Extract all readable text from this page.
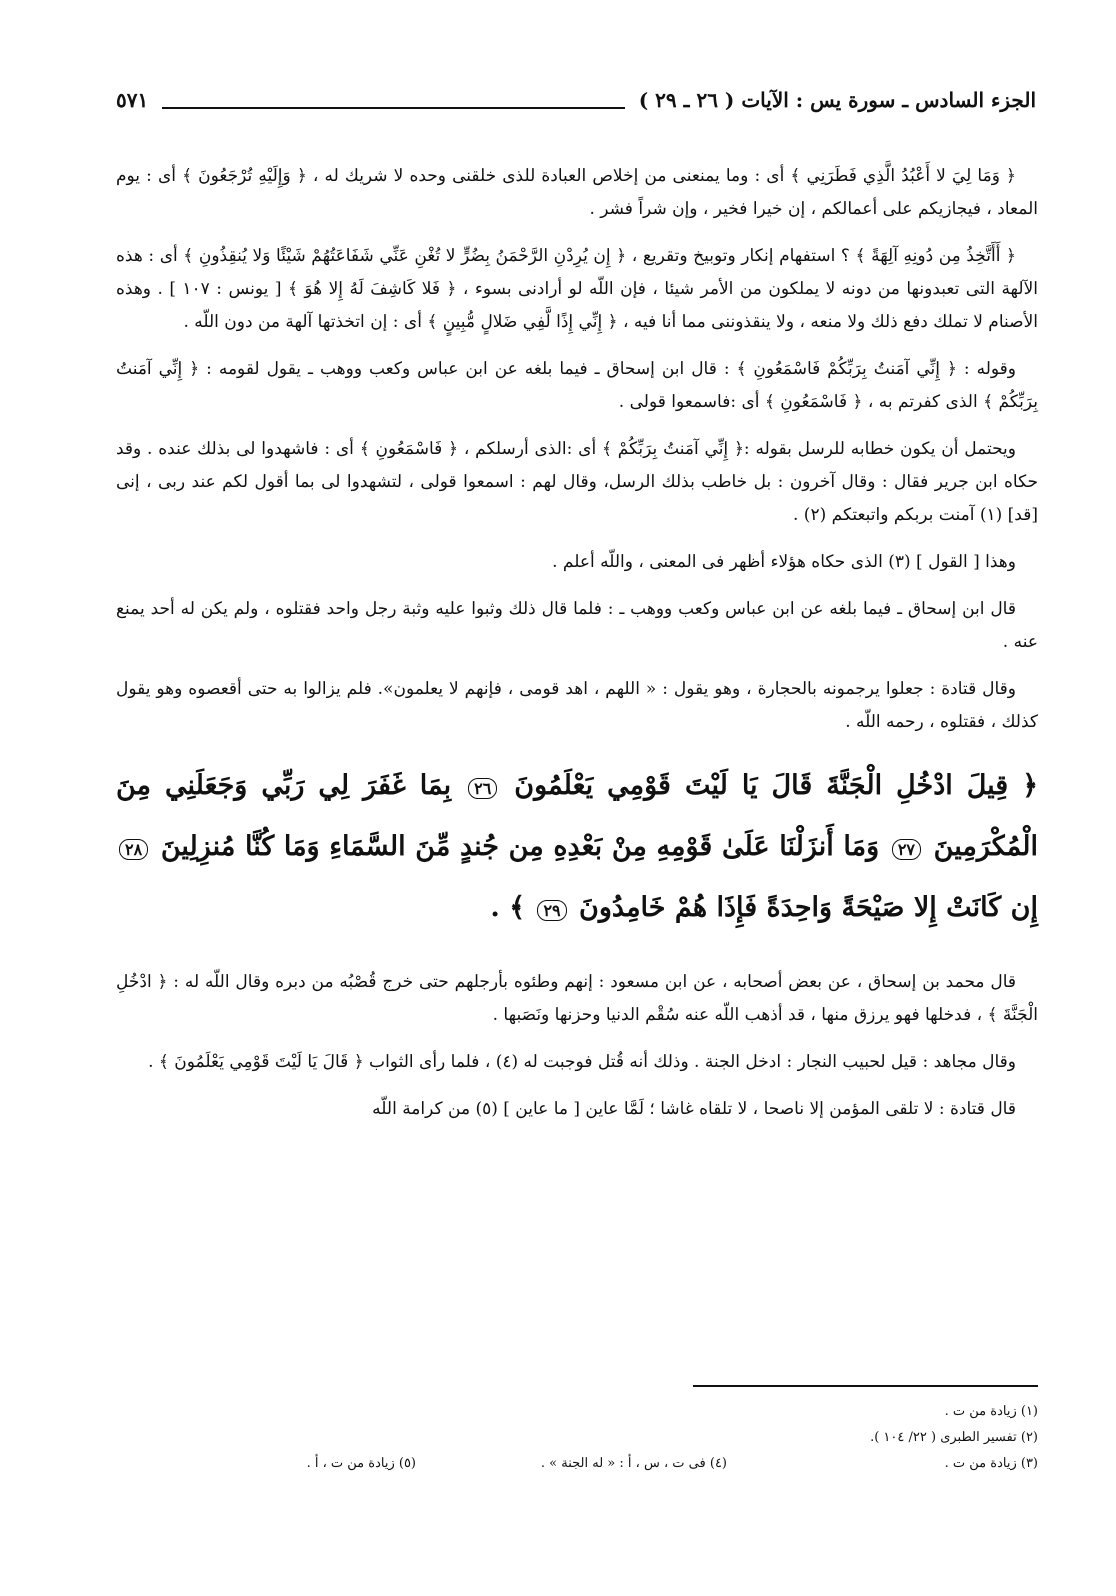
الجزء السادس ـ سورة يس : الآيات ( ٢٦ ـ ٢٩ )
٥٧١

﴿ وَمَا لِيَ لا أَعْبُدُ الَّذِي فَطَرَنِي ﴾ أى : وما يمنعنى من إخلاص العبادة للذى خلقنى وحده لا شريك له ، ﴿ وَإِلَيْهِ تُرْجَعُونَ ﴾ أى : يوم المعاد ، فيجازيكم على أعمالكم ، إن خيرا فخير ، وإن شراً فشر .

﴿ أَأَتَّخِذُ مِن دُونِهِ آلِهَةً ﴾ ؟ استفهام إنكار وتوبيخ وتقريع ، ﴿ إِن يُرِدْنِ الرَّحْمَنُ بِضُرٍّ لا تُغْنِ عَنِّي شَفَاعَتُهُمْ شَيْئًا وَلا يُنقِذُونِ ﴾ أى : هذه الآلهة التى تعبدونها من دونه لا يملكون من الأمر شيئا ، فإن اللّه لو أرادنى بسوء ، ﴿ فَلا كَاشِفَ لَهُ إِلا هُوَ ﴾ [ يونس : ١٠٧ ] . وهذه الأصنام لا تملك دفع ذلك ولا منعه ، ولا ينقذوننى مما أنا فيه ، ﴿ إِنِّي إِذًا لَّفِي ضَلالٍ مُّبِينٍ ﴾ أى : إن اتخذتها آلهة من دون اللّه .

وقوله : ﴿ إِنِّي آمَنتُ بِرَبِّكُمْ فَاسْمَعُونِ ﴾ : قال ابن إسحاق ـ فيما بلغه عن ابن عباس وكعب ووهب ـ يقول لقومه : ﴿ إِنِّي آمَنتُ بِرَبِّكُمْ ﴾ الذى كفرتم به ، ﴿ فَاسْمَعُونِ ﴾ أى :فاسمعوا قولى .

ويحتمل أن يكون خطابه للرسل بقوله :﴿ إِنِّي آمَنتُ بِرَبِّكُمْ ﴾ أى :الذى أرسلكم ، ﴿ فَاسْمَعُونِ ﴾ أى : فاشهدوا لى بذلك عنده . وقد حكاه ابن جرير فقال : وقال آخرون : بل خاطب بذلك الرسل، وقال لهم : اسمعوا قولى ، لتشهدوا لى بما أقول لكم عند ربى ، إنى [قد] (١) آمنت بربكم واتبعتكم (٢) .

وهذا [ القول ] (٣) الذى حكاه هؤلاء أظهر فى المعنى ، واللّه أعلم .

قال ابن إسحاق ـ فيما بلغه عن ابن عباس وكعب ووهب ـ : فلما قال ذلك وثبوا عليه وثبة رجل واحد فقتلوه ، ولم يكن له أحد يمنع عنه .

وقال قتادة : جعلوا يرجمونه بالحجارة ، وهو يقول : « اللهم ، اهد قومى ، فإنهم لا يعلمون». فلم يزالوا به حتى أقعصوه وهو يقول كذلك ، فقتلوه ، رحمه اللّه .

﴿ قِيلَ ادْخُلِ الْجَنَّةَ قَالَ يَا لَيْتَ قَوْمِي يَعْلَمُونَ ٢٦ بِمَا غَفَرَ لِي رَبِّي وَجَعَلَنِي مِنَ الْمُكْرَمِينَ ٢٧ وَمَا أَنزَلْنَا عَلَىٰ قَوْمِهِ مِنْ بَعْدِهِ مِن جُندٍ مِّنَ السَّمَاءِ وَمَا كُنَّا مُنزِلِينَ ٢٨ إِن كَانَتْ إِلا صَيْحَةً وَاحِدَةً فَإِذَا هُمْ خَامِدُونَ ٢٩ ﴾ .

قال محمد بن إسحاق ، عن بعض أصحابه ، عن ابن مسعود : إنهم وطئوه بأرجلهم حتى خرج قُصْبُه من دبره وقال اللّه له : ﴿ ادْخُلِ الْجَنَّةَ ﴾ ، فدخلها فهو يرزق منها ، قد أذهب اللّه عنه سُقْم الدنيا وحزنها ونَصَبها .

وقال مجاهد : قيل لحبيب النجار : ادخل الجنة . وذلك أنه قُتل فوجبت له (٤) ، فلما رأى الثواب ﴿ قَالَ يَا لَيْتَ قَوْمِي يَعْلَمُونَ ﴾ .

قال قتادة : لا تلقى المؤمن إلا ناصحا ، لا تلقاه غاشا ؛ لَمَّا عاين [ ما عاين ] (٥) من كرامة اللّه

(١) زيادة من ت .
(٢) تفسير الطبرى ( ٢٢/ ١٠٤ ).
(٣) زيادة من ت .
(٤) فى ت ، س ، أ : « له الجنة » .
(٥) زيادة من ت ، أ .
